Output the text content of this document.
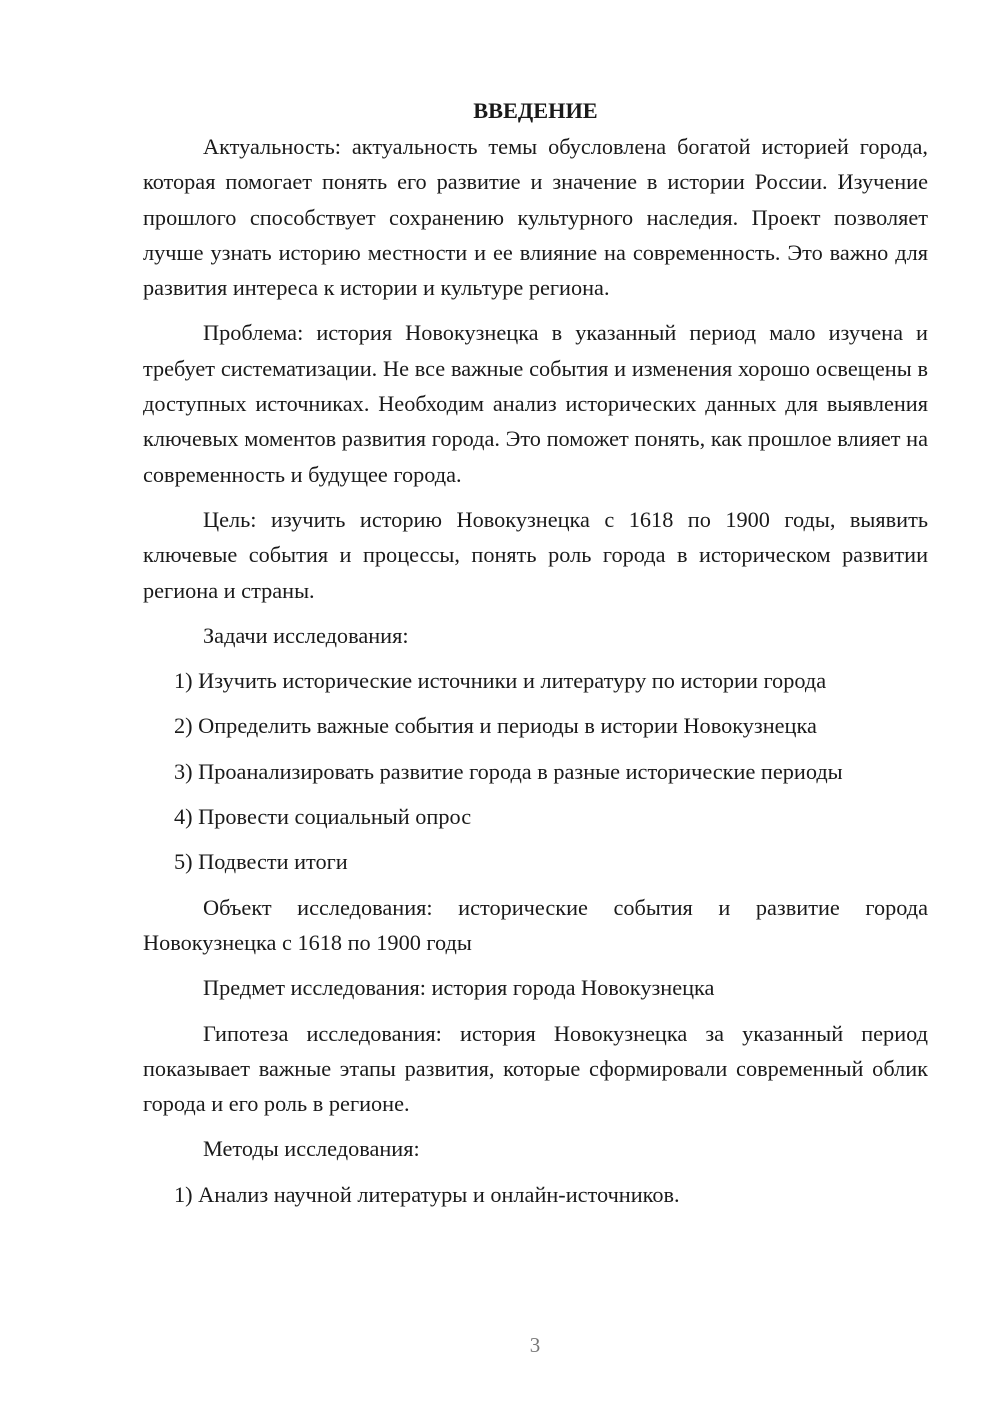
ВВЕДЕНИЕ

Актуальность: актуальность темы обусловлена богатой историей города, которая помогает понять его развитие и значение в истории России. Изучение прошлого способствует сохранению культурного наследия. Проект позволяет лучше узнать историю местности и ее влияние на современность. Это важно для развития интереса к истории и культуре региона.

Проблема: история Новокузнецка в указанный период мало изучена и требует систематизации. Не все важные события и изменения хорошо освещены в доступных источниках. Необходим анализ исторических данных для выявления ключевых моментов развития города. Это поможет понять, как прошлое влияет на современность и будущее города.

Цель: изучить историю Новокузнецка с 1618 по 1900 годы, выявить ключевые события и процессы, понять роль города в историческом развитии региона и страны.

Задачи исследования:

1) Изучить исторические источники и литературу по истории города

2) Определить важные события и периоды в истории Новокузнецка

3) Проанализировать развитие города в разные исторические периоды

4) Провести социальный опрос

5) Подвести итоги

Объект исследования: исторические события и развитие города Новокузнецка с 1618 по 1900 годы

Предмет исследования: история города Новокузнецка

Гипотеза исследования: история Новокузнецка за указанный период показывает важные этапы развития, которые сформировали современный облик города и его роль в регионе.

Методы исследования:

1) Анализ научной литературы и онлайн-источников.

3
